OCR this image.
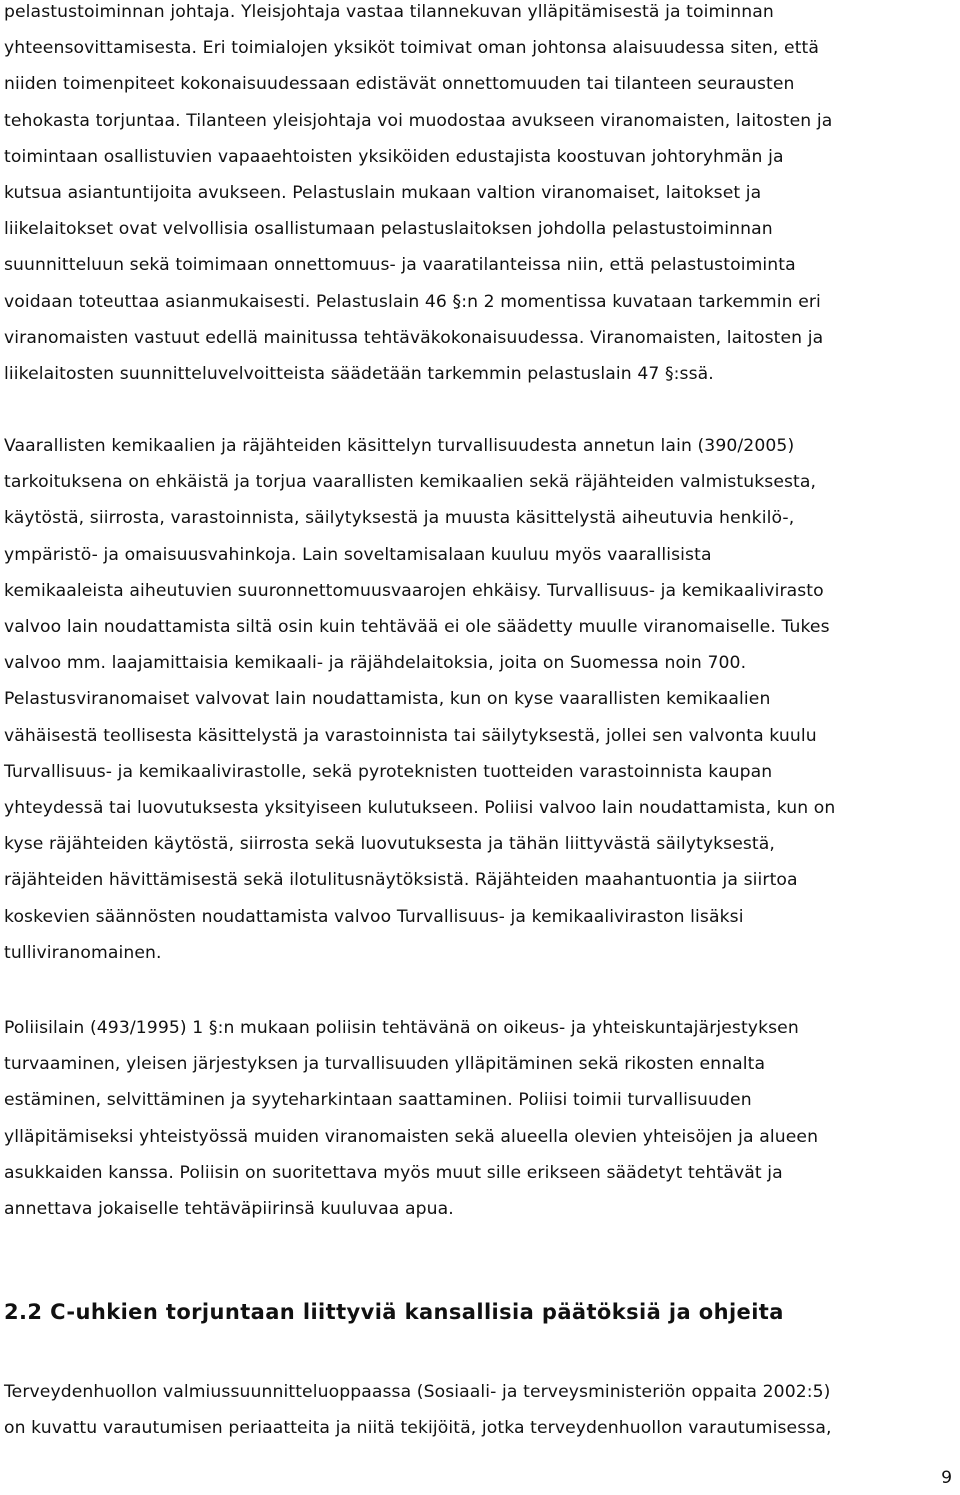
pelastustoiminnan johtaja. Yleisjohtaja vastaa tilannekuvan ylläpitämisestä ja toiminnan
yhteensovittamisesta. Eri toimialojen yksiköt toimivat oman johtonsa alaisuudessa siten, että
niiden toimenpiteet kokonaisuudessaan edistävät onnettomuuden tai tilanteen seurausten
tehokasta torjuntaa. Tilanteen yleisjohtaja voi muodostaa avukseen viranomaisten, laitosten ja
toimintaan osallistuvien vapaaehtoisten yksiköiden edustajista koostuvan johtoryhmän ja
kutsua asiantuntijoita avukseen. Pelastuslain mukaan valtion viranomaiset, laitokset ja
liikelaitokset ovat velvollisia osallistumaan pelastuslaitoksen johdolla pelastustoiminnan
suunnitteluun sekä toimimaan onnettomuus- ja vaaratilanteissa niin, että pelastustoiminta
voidaan toteuttaa asianmukaisesti. Pelastuslain 46 §:n 2 momentissa kuvataan tarkemmin eri
viranomaisten vastuut edellä mainitussa tehtäväkokonaisuudessa. Viranomaisten, laitosten ja
liikelaitosten suunnitteluvelvoitteista säädetään tarkemmin pelastuslain 47 §:ssä.

Vaarallisten kemikaalien ja räjähteiden käsittelyn turvallisuudesta annetun lain (390/2005)
tarkoituksena on ehkäistä ja torjua vaarallisten kemikaalien sekä räjähteiden valmistuksesta,
käytöstä, siirrosta, varastoinnista, säilytyksestä ja muusta käsittelystä aiheutuvia henkilö-,
ympäristö- ja omaisuusvahinkoja. Lain soveltamisalaan kuuluu myös vaarallisista
kemikaaleista aiheutuvien suuronnettomuusvaarojen ehkäisy. Turvallisuus- ja kemikaalivirasto
valvoo lain noudattamista siltä osin kuin tehtävää ei ole säädetty muulle viranomaiselle. Tukes
valvoo mm. laajamittaisia kemikaali- ja räjähdelaitoksia, joita on Suomessa noin 700.
Pelastusviranomaiset valvovat lain noudattamista, kun on kyse vaarallisten kemikaalien
vähäisestä teollisesta käsittelystä ja varastoinnista tai säilytyksestä, jollei sen valvonta kuulu
Turvallisuus- ja kemikaalivirastolle, sekä pyroteknisten tuotteiden varastoinnista kaupan
yhteydessä tai luovutuksesta yksityiseen kulutukseen. Poliisi valvoo lain noudattamista, kun on
kyse räjähteiden käytöstä, siirrosta sekä luovutuksesta ja tähän liittyvästä säilytyksestä,
räjähteiden hävittämisestä sekä ilotulitusnäytöksistä. Räjähteiden maahantuontia ja siirtoa
koskevien säännösten noudattamista valvoo Turvallisuus- ja kemikaaliviraston lisäksi
tulliviranomainen.

Poliisilain (493/1995) 1 §:n mukaan poliisin tehtävänä on oikeus- ja yhteiskuntajärjestyksen
turvaaminen, yleisen järjestyksen ja turvallisuuden ylläpitäminen sekä rikosten ennalta
estäminen, selvittäminen ja syyteharkintaan saattaminen. Poliisi toimii turvallisuuden
ylläpitämiseksi yhteistyössä muiden viranomaisten sekä alueella olevien yhteisöjen ja alueen
asukkaiden kanssa. Poliisin on suoritettava myös muut sille erikseen säädetyt tehtävät ja
annettava jokaiselle tehtäväpiirinsä kuuluvaa apua.

2.2 C-uhkien torjuntaan liittyviä kansallisia päätöksiä ja ohjeita

Terveydenhuollon valmiussuunnitteluoppaassa (Sosiaali- ja terveysministeriön oppaita 2002:5)
on kuvattu varautumisen periaatteita ja niitä tekijöitä, jotka terveydenhuollon varautumisessa,

9
